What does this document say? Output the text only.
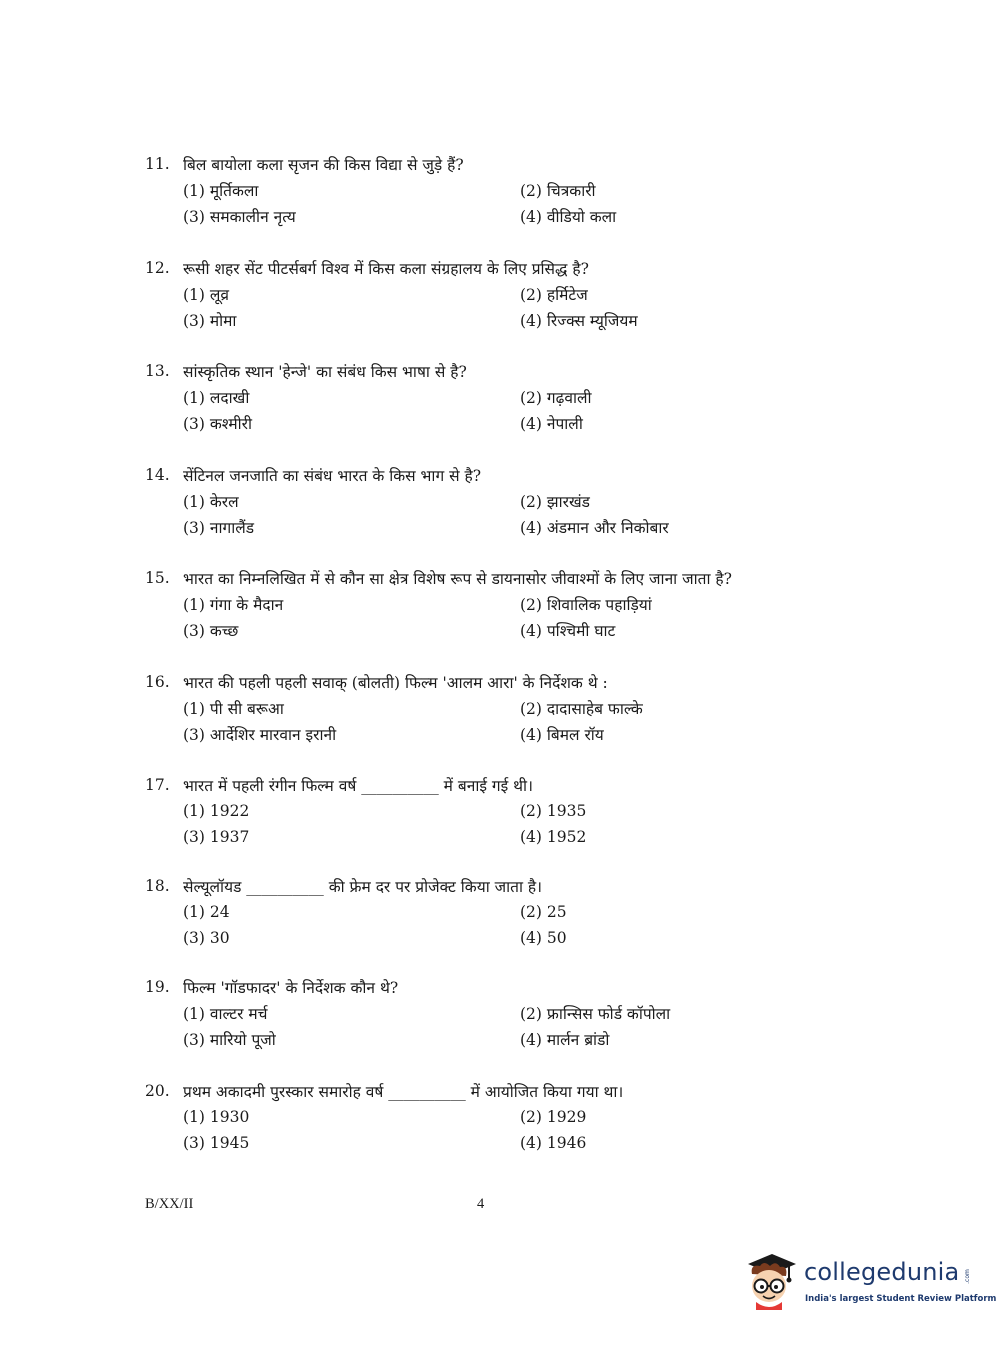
11. बिल बायोला कला सृजन की किस विद्या से जुड़े हैं?
(1) मूर्तिकला	(2) चित्रकारी
(3) समकालीन नृत्य	(4) वीडियो कला
12. रूसी शहर सेंट पीटर्सबर्ग विश्व में किस कला संग्रहालय के लिए प्रसिद्ध है?
(1) लूव्र	(2) हर्मिटेज
(3) मोमा	(4) रिज्क्स म्यूजियम
13. सांस्कृतिक स्थान 'हेन्जे' का संबंध किस भाषा से है?
(1) लदाखी	(2) गढ़वाली
(3) कश्मीरी	(4) नेपाली
14. सेंटिनल जनजाति का संबंध भारत के किस भाग से है?
(1) केरल	(2) झारखंड
(3) नागालैंड	(4) अंडमान और निकोबार
15. भारत का निम्नलिखित में से कौन सा क्षेत्र विशेष रूप से डायनासोर जीवाश्मों के लिए जाना जाता है?
(1) गंगा के मैदान	(2) शिवालिक पहाड़ियां
(3) कच्छ	(4) पश्चिमी घाट
16. भारत की पहली पहली सवाक् (बोलती) फिल्म 'आलम आरा' के निर्देशक थे :
(1) पी सी बरूआ	(2) दादासाहेब फाल्के
(3) आर्देशिर मारवान इरानी	(4) बिमल रॉय
17. भारत में पहली रंगीन फिल्म वर्ष __________ में बनाई गई थी।
(1) 1922	(2) 1935
(3) 1937	(4) 1952
18. सेल्यूलॉयड __________ की फ्रेम दर पर प्रोजेक्ट किया जाता है।
(1) 24	(2) 25
(3) 30	(4) 50
19. फिल्म 'गॉडफादर' के निर्देशक कौन थे?
(1) वाल्टर मर्च	(2) फ्रान्सिस फोर्ड कॉपोला
(3) मारियो पूजो	(4) मार्लन ब्रांडो
20. प्रथम अकादमी पुरस्कार समारोह वर्ष __________ में आयोजित किया गया था।
(1) 1930	(2) 1929
(3) 1945	(4) 1946
B/XX/II	4
collegedunia .com
India's largest Student Review Platform
